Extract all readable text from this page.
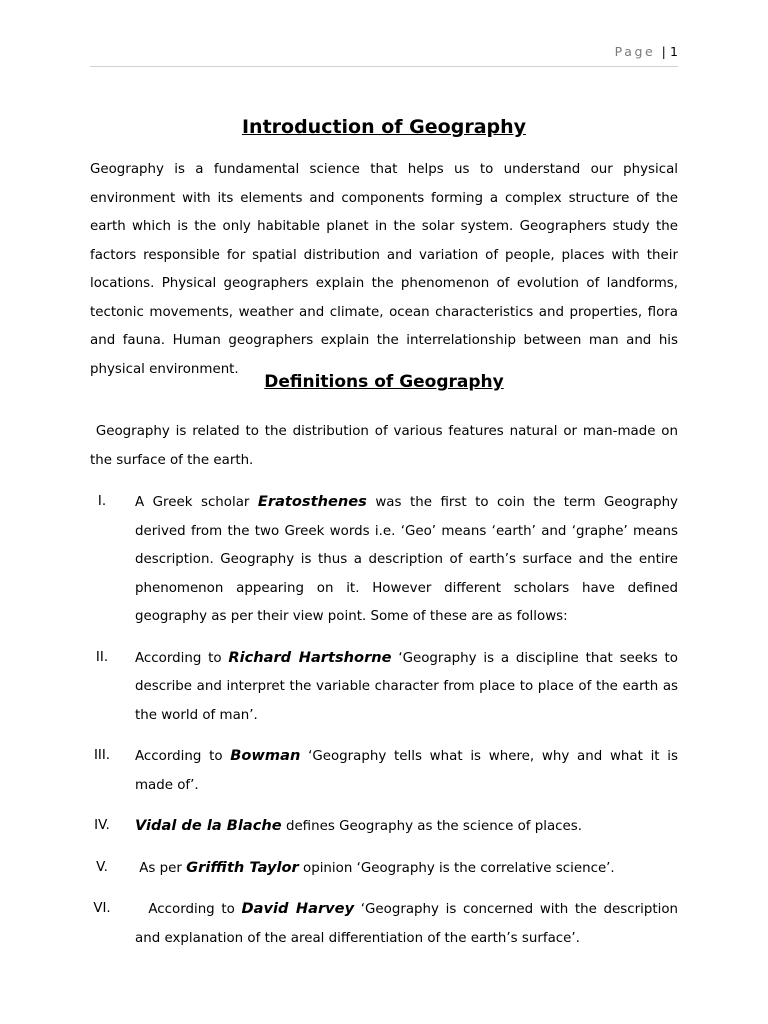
Page | 1
Introduction of Geography

Geography is a fundamental science that helps us to understand our physical environment with its elements and components forming a complex structure of the earth which is the only habitable planet in the solar system. Geographers study the factors responsible for spatial distribution and variation of people, places with their locations. Physical geographers explain the phenomenon of evolution of landforms, tectonic movements, weather and climate, ocean characteristics and properties, flora and fauna. Human geographers explain the interrelationship between man and his physical environment.

Definitions of Geography

Geography is related to the distribution of various features natural or man-made on the surface of the earth.

I.	A Greek scholar Eratosthenes was the first to coin the term Geography derived from the two Greek words i.e. ‘Geo’ means ‘earth’ and ‘graphe’ means description. Geography is thus a description of earth’s surface and the entire phenomenon appearing on it. However different scholars have defined geography as per their view point. Some of these are as follows:
II.	According to Richard Hartshorne ‘Geography is a discipline that seeks to describe and interpret the variable character from place to place of the earth as the world of man’.
III. According to Bowman ‘Geography tells what is where, why and what it is made of’.
IV. Vidal de la Blache defines Geography as the science of places.
V.	As per Griffith Taylor opinion ‘Geography is the correlative science’.
VI.	According to David Harvey ‘Geography is concerned with the description and explanation of the areal differentiation of the earth’s surface’.
